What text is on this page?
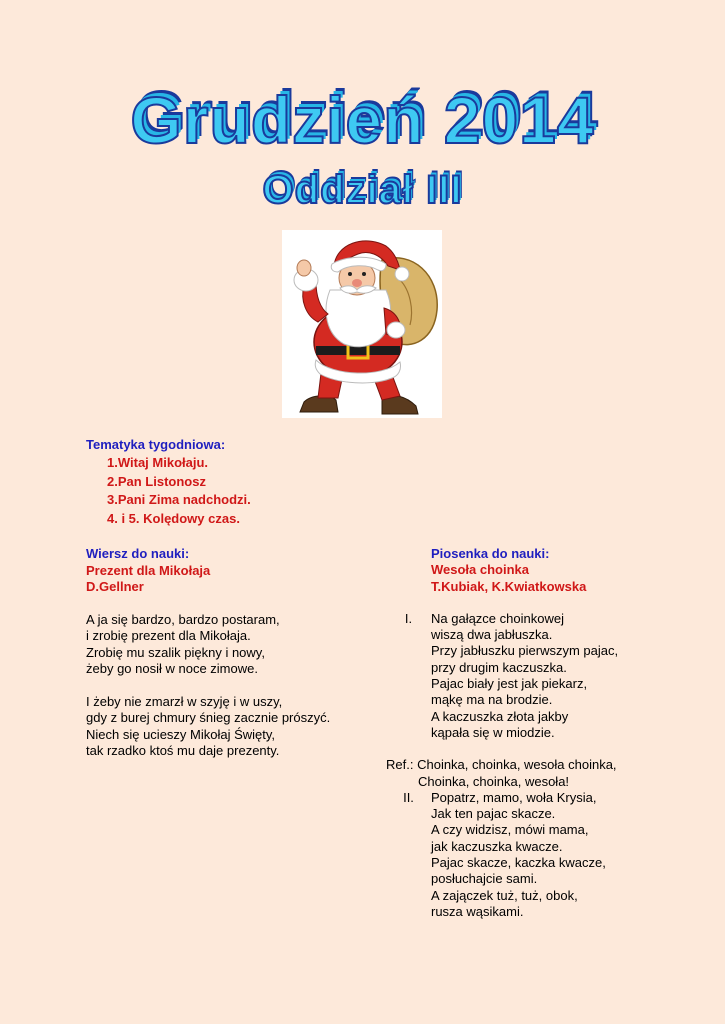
Grudzień 2014
Oddział III
Tematyka tygodniowa:
1.Witaj Mikołaju.
2.Pan Listonosz
3.Pani Zima nadchodzi.
4. i 5. Kolędowy czas.
Wiersz do nauki:
Prezent dla Mikołaja
D.Gellner
A ja się bardzo, bardzo postaram,
i zrobię prezent dla Mikołaja.
Zrobię mu szalik piękny i nowy,
żeby go nosił w noce zimowe.
I żeby nie zmarzł w szyję i w uszy,
gdy z burej chmury śnieg zacznie prószyć.
Niech się ucieszy Mikołaj Święty,
tak rzadko ktoś mu daje prezenty.
Piosenka do nauki:
Wesoła choinka
T.Kubiak, K.Kwiatkowska
I.	Na gałązce choinkowej
wiszą dwa jabłuszka.
Przy jabłuszku pierwszym pajac,
przy drugim kaczuszka.
Pajac biały jest jak piekarz,
mąkę ma na brodzie.
A kaczuszka złota jakby
kąpała się w miodzie.
Ref.: Choinka, choinka, wesoła choinka,
Choinka, choinka, wesoła!
II.	Popatrz, mamo, woła Krysia,
Jak ten pajac skacze.
A czy widzisz, mówi mama,
jak kaczuszka kwacze.
Pajac skacze, kaczka kwacze,
posłuchajcie sami.
A zajączek tuż, tuż, obok,
rusza wąsikami.
